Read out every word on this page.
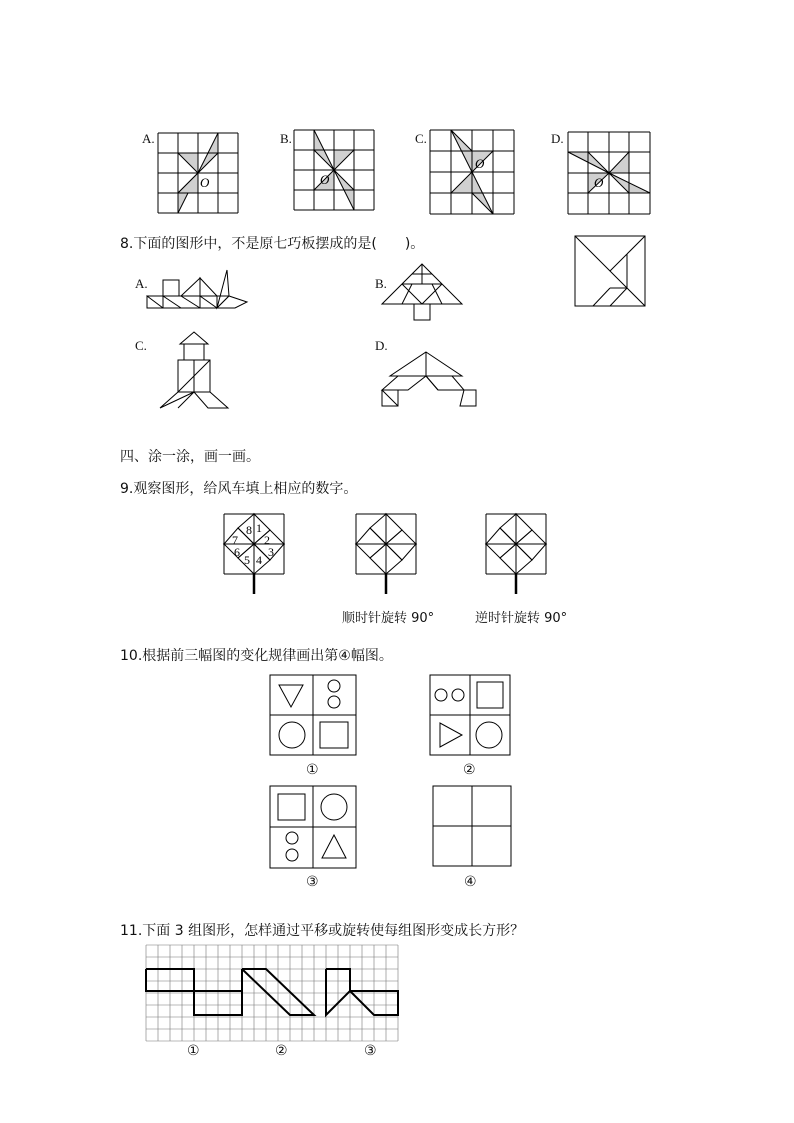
A.	B.	C.	D.
O	O
O
O
8.下面的图形中，不是原七巧板摆成的是(　　)。
A.	B.
C.	D.
四、涂一涂，画一画。
9.观察图形，给风车填上相应的数字。
1
2
3
4
5
6
7
8
顺时针旋转 90°	逆时针旋转 90°
10.根据前三幅图的变化规律画出第④幅图。
①	②
③	④
11.下面 3 组图形，怎样通过平移或旋转使每组图形变成长方形？
①	②	③
